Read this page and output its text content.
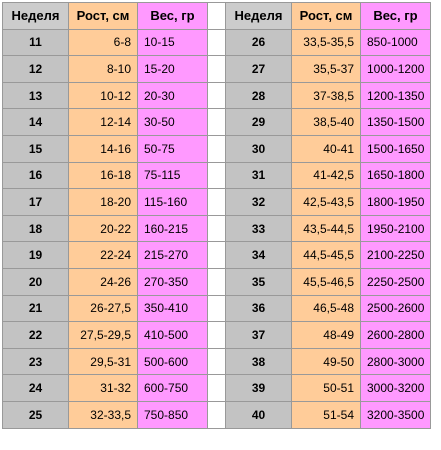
Неделя	Рост, см	Вес, гр		Неделя	Рост, см	Вес, гр
11	6-8	10-15		26	33,5-35,5	850-1000
12	8-10	15-20		27	35,5-37	1000-1200
13	10-12	20-30		28	37-38,5	1200-1350
14	12-14	30-50		29	38,5-40	1350-1500
15	14-16	50-75		30	40-41	1500-1650
16	16-18	75-115		31	41-42,5	1650-1800
17	18-20	115-160		32	42,5-43,5	1800-1950
18	20-22	160-215		33	43,5-44,5	1950-2100
19	22-24	215-270		34	44,5-45,5	2100-2250
20	24-26	270-350		35	45,5-46,5	2250-2500
21	26-27,5	350-410		36	46,5-48	2500-2600
22	27,5-29,5	410-500		37	48-49	2600-2800
23	29,5-31	500-600		38	49-50	2800-3000
24	31-32	600-750		39	50-51	3000-3200
25	32-33,5	750-850		40	51-54	3200-3500
